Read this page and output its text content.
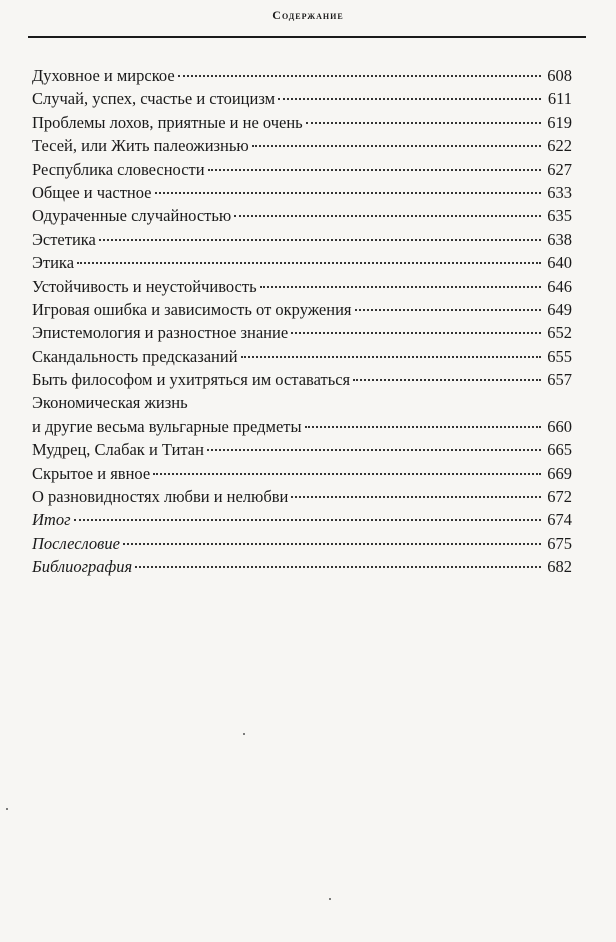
Содержание
Духовное и мирское	608
Случай, успех, счастье и стоицизм	611
Проблемы лохов, приятные и не очень	619
Тесей, или Жить палеожизнью	622
Республика словесности	627
Общее и частное	633
Одураченные случайностью	635
Эстетика	638
Этика	640
Устойчивость и неустойчивость	646
Игровая ошибка и зависимость от окружения	649
Эпистемология и разностное знание	652
Скандальность предсказаний	655
Быть философом и ухитряться им оставаться	657
Экономическая жизнь
и другие весьма вульгарные предметы	660
Мудрец, Слабак и Титан	665
Скрытое и явное	669
О разновидностях любви и нелюбви	672
Итог	674
Послесловие	675
Библиография	682
